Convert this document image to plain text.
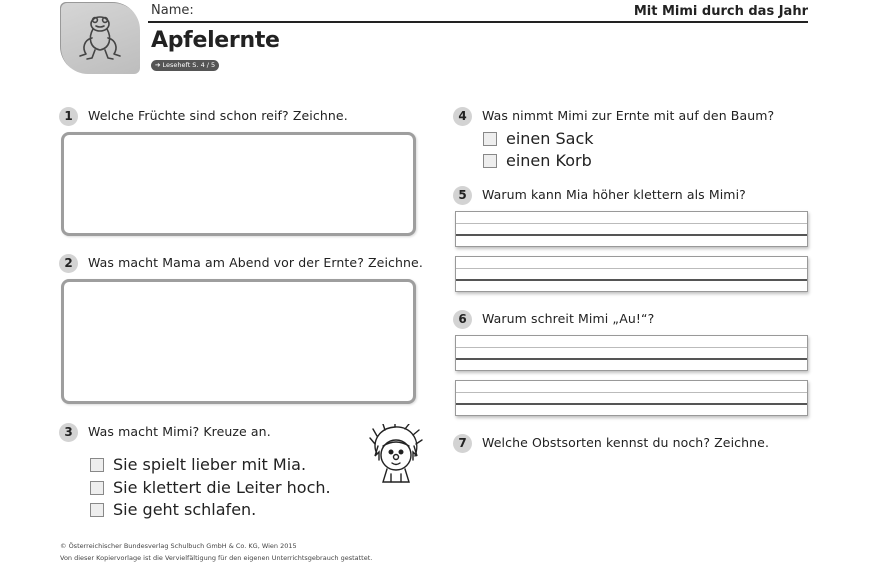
Name:	Mit Mimi durch das Jahr
Apfelernte
➔ Leseheft S. 4 / 5
1	Welche Früchte sind schon reif? Zeichne.
2	Was macht Mama am Abend vor der Ernte? Zeichne.
3	Was macht Mimi? Kreuze an.
Sie spielt lieber mit Mia.
Sie klettert die Leiter hoch.
Sie geht schlafen.
4	Was nimmt Mimi zur Ernte mit auf den Baum?
einen Sack
einen Korb
5	Warum kann Mia höher klettern als Mimi?
6	Warum schreit Mimi „Au!“?
7	Welche Obstsorten kennst du noch? Zeichne.
© Österreichischer Bundesverlag Schulbuch GmbH & Co. KG, Wien 2015
Von dieser Kopiervorlage ist die Vervielfältigung für den eigenen Unterrichtsgebrauch gestattet.
